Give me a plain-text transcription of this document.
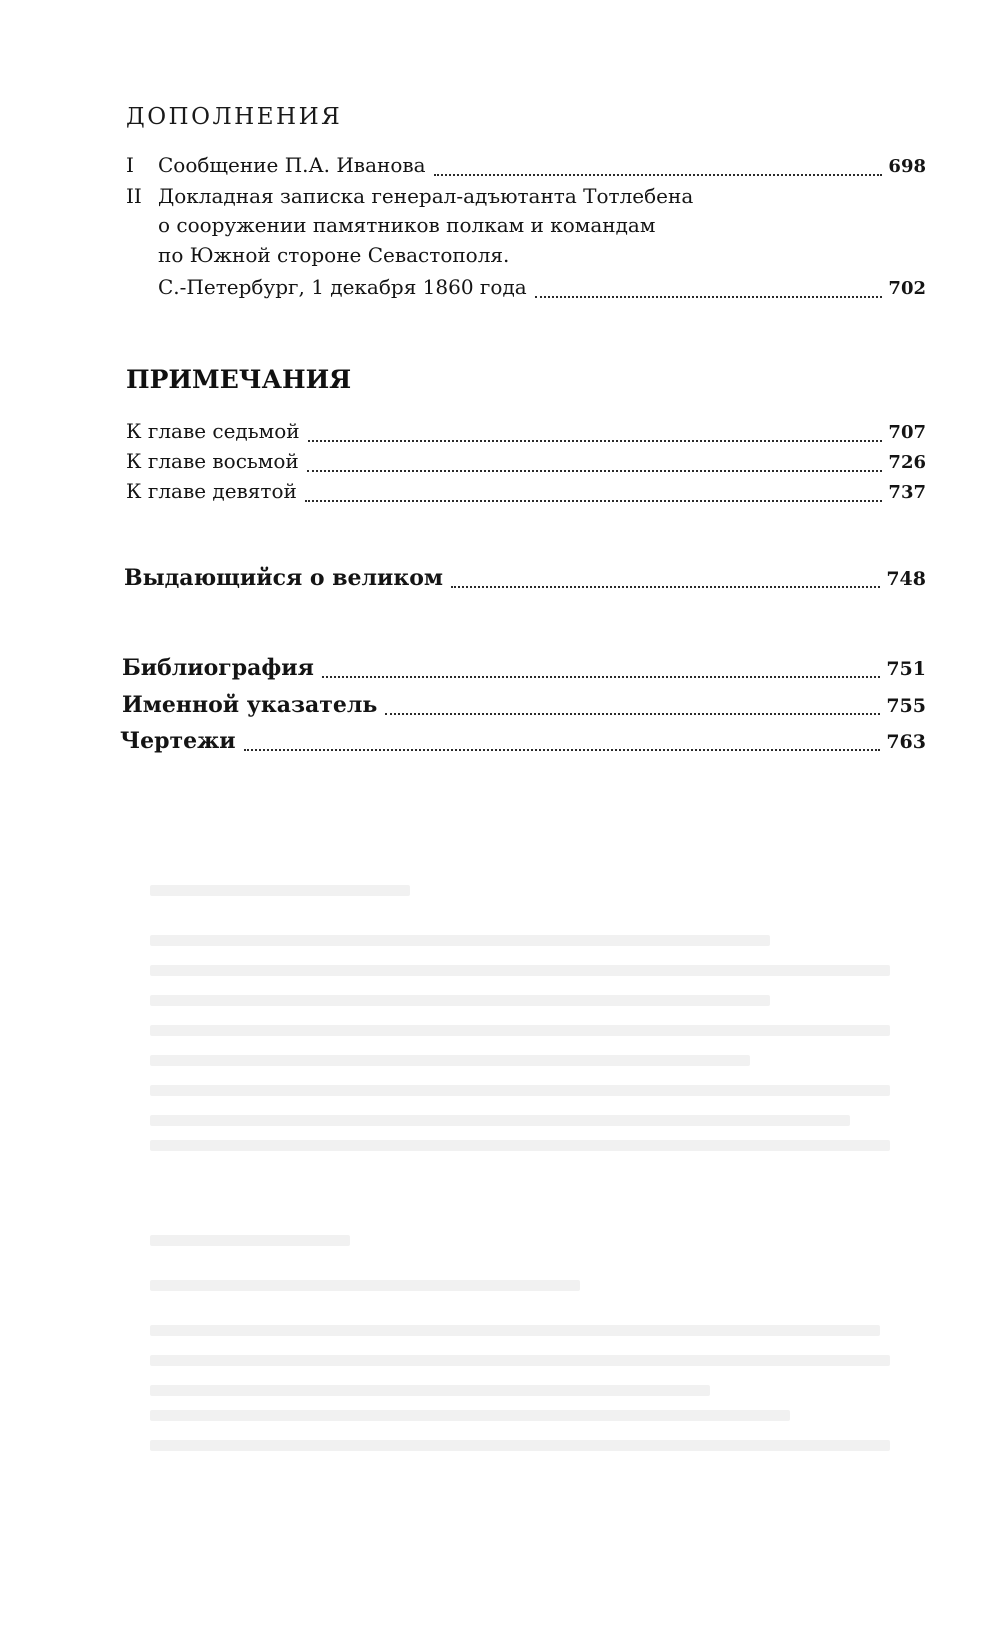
ДОПОЛНЕНИЯ
I	Сообщение П.А. Иванова	698
II Докладная записка генерал-адъютанта Тотлебена
о сооружении памятников полкам и командам
по Южной стороне Севастополя.
С.-Петербург, 1 декабря 1860 года	702
ПРИМЕЧАНИЯ
К главе седьмой	707
К главе восьмой	726
К главе девятой	737
Выдающийся о великом	748
Библиография	751
Именной указатель	755
Чертежи	763
